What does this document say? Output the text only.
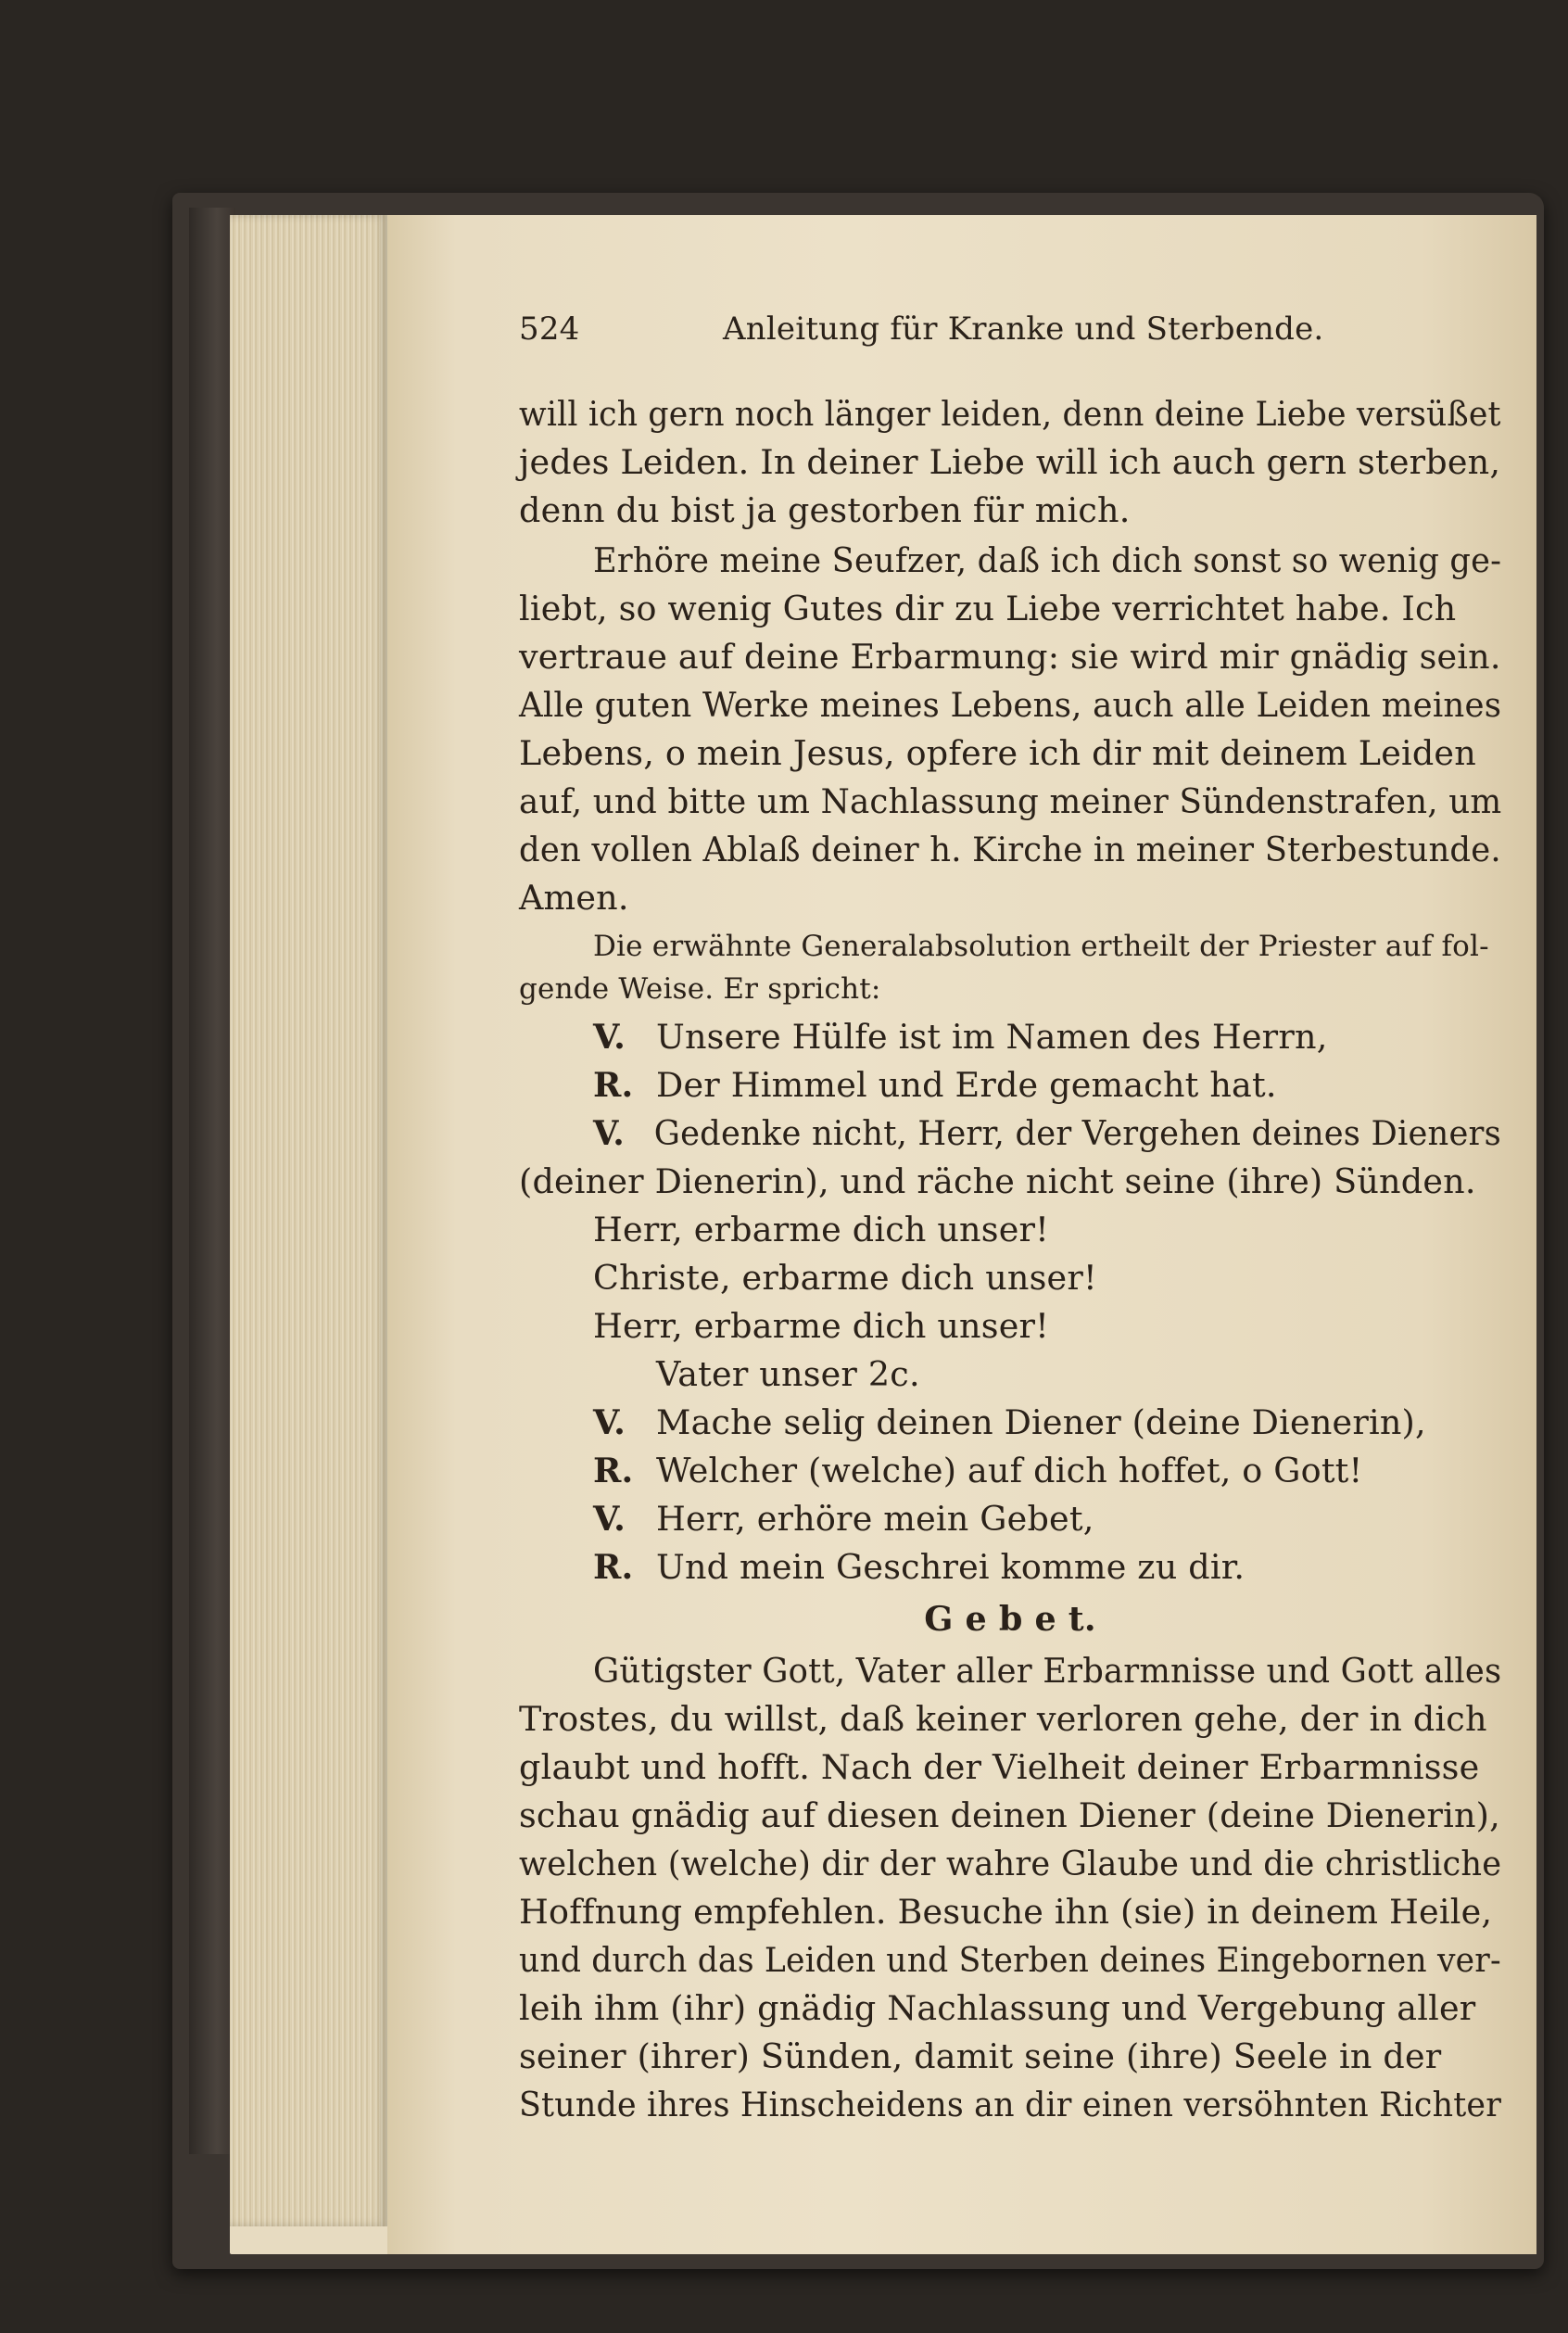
524	Anleitung für Kranke und Sterbende.
will ich gern noch länger leiden, denn deine Liebe versüßet
jedes Leiden. In deiner Liebe will ich auch gern sterben,
denn du bist ja gestorben für mich.
Erhöre meine Seufzer, daß ich dich sonst so wenig ge-
liebt, so wenig Gutes dir zu Liebe verrichtet habe. Ich
vertraue auf deine Erbarmung: sie wird mir gnädig sein.
Alle guten Werke meines Lebens, auch alle Leiden meines
Lebens, o mein Jesus, opfere ich dir mit deinem Leiden
auf, und bitte um Nachlassung meiner Sündenstrafen, um
den vollen Ablaß deiner h. Kirche in meiner Sterbestunde.
Amen.
Die erwähnte Generalabsolution ertheilt der Priester auf fol-
gende Weise. Er spricht:
V. Unsere Hülfe ist im Namen des Herrn,
R. Der Himmel und Erde gemacht hat.
V. Gedenke nicht, Herr, der Vergehen deines Dieners
(deiner Dienerin), und räche nicht seine (ihre) Sünden.
Herr, erbarme dich unser!
Christe, erbarme dich unser!
Herr, erbarme dich unser!
Vater unser 2c.
V. Mache selig deinen Diener (deine Dienerin),
R. Welcher (welche) auf dich hoffet, o Gott!
V. Herr, erhöre mein Gebet,
R. Und mein Geschrei komme zu dir.
G e b e t.
Gütigster Gott, Vater aller Erbarmnisse und Gott alles
Trostes, du willst, daß keiner verloren gehe, der in dich
glaubt und hofft. Nach der Vielheit deiner Erbarmnisse
schau gnädig auf diesen deinen Diener (deine Dienerin),
welchen (welche) dir der wahre Glaube und die christliche
Hoffnung empfehlen. Besuche ihn (sie) in deinem Heile,
und durch das Leiden und Sterben deines Eingebornen ver-
leih ihm (ihr) gnädig Nachlassung und Vergebung aller
seiner (ihrer) Sünden, damit seine (ihre) Seele in der
Stunde ihres Hinscheidens an dir einen versöhnten Richter
